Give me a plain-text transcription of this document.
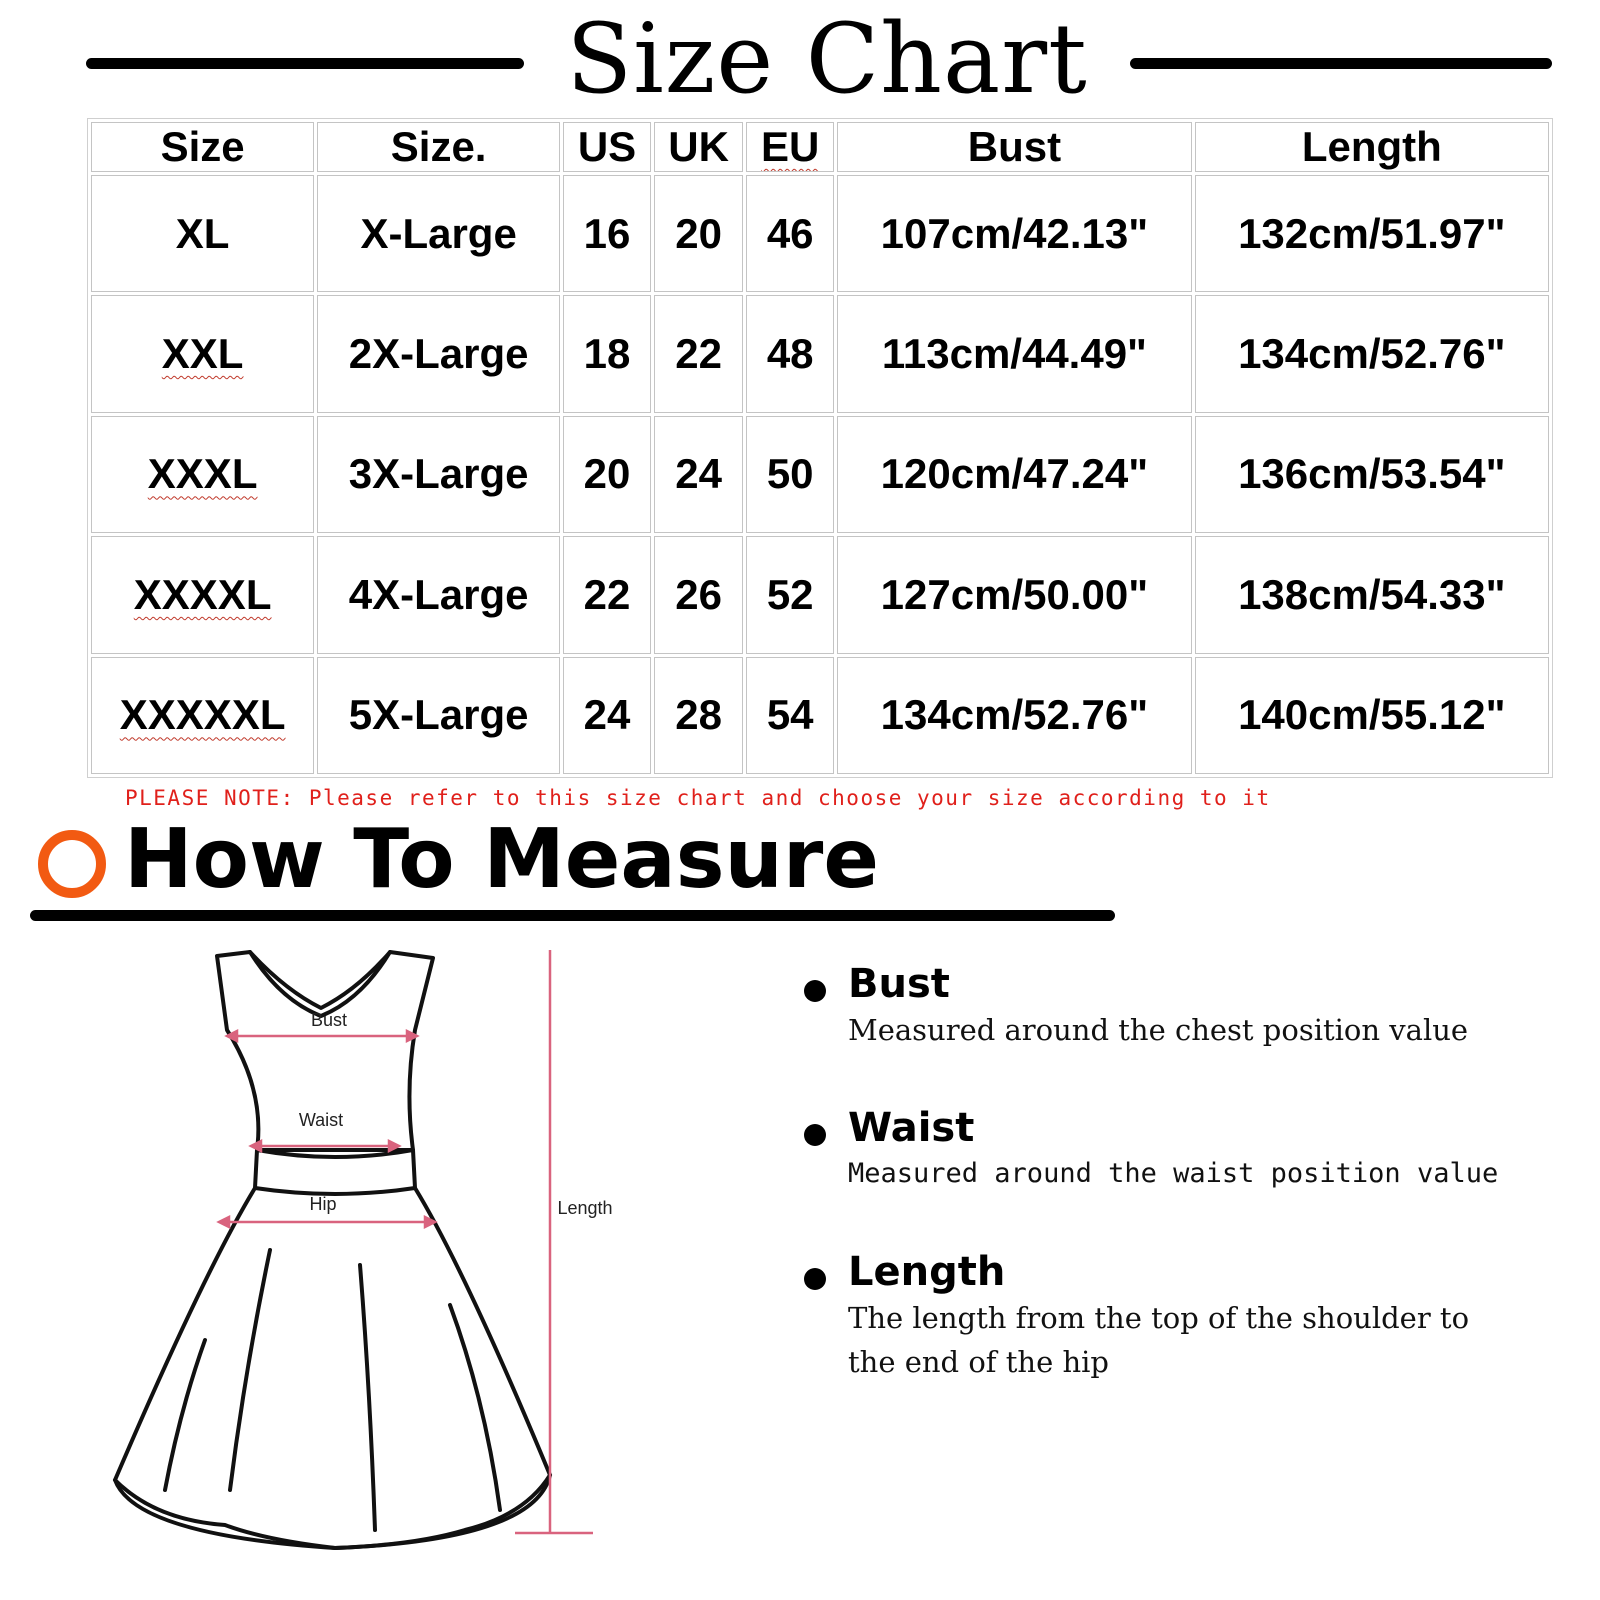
Size Chart
Size	Size.	US	UK	EU	Bust	Length
XL	X-Large	16	20	46	107cm/42.13"	132cm/51.97"
XXL	2X-Large	18	22	48	113cm/44.49"	134cm/52.76"
XXXL	3X-Large	20	24	50	120cm/47.24"	136cm/53.54"
XXXXL	4X-Large	22	26	52	127cm/50.00"	138cm/54.33"
XXXXXL	5X-Large	24	28	54	134cm/52.76"	140cm/55.12"
PLEASE NOTE: Please refer to this size chart and choose your size according to it
How To Measure
Bust
Waist
Hip	Length
Bust
Measured around the chest position value
Waist
Measured around the waist position value
Length
The length from the top of the shoulder to
the end of the hip
